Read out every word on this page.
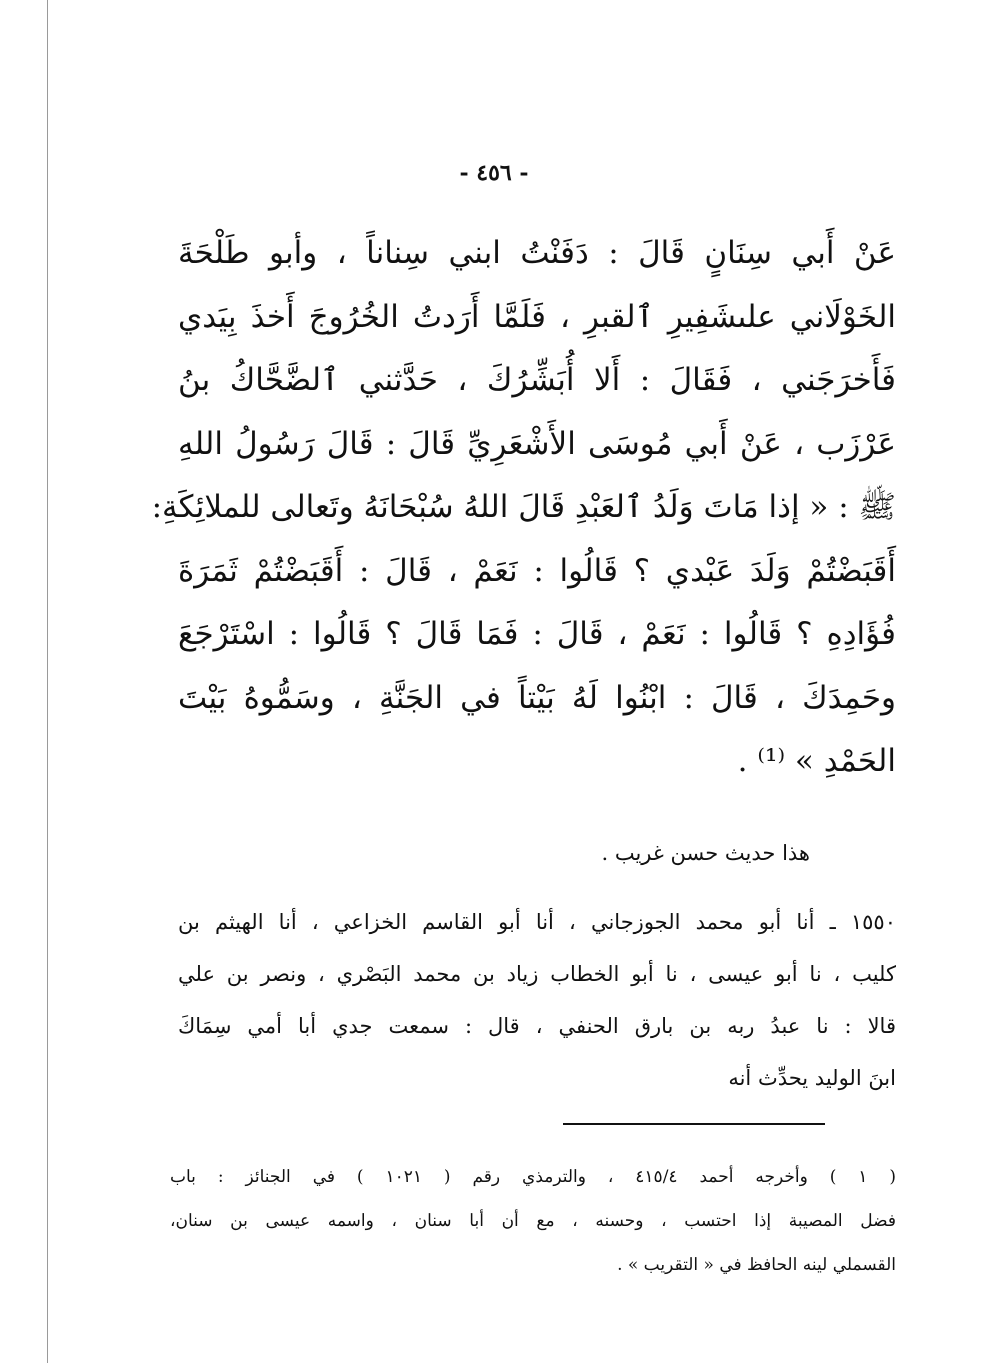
- ٤٥٦ -
عَنْ أَبي سِنَانٍ قَالَ : دَفَنْتُ ابني سِناناً ، وأبو طَلْحَةَ
الخَوْلَاني علىشَفِيرِ ٱلقبرِ ، فَلَمَّا أَرَدتُ الخُرُوجَ أَخذَ بِيَدي
فَأَخرَجَني ، فَقَالَ : أَلا أُبَشِّرُكَ ، حَدَّثني ٱلضَّحَّاكُ بنُ
عَرْزَب ، عَنْ أَبي مُوسَى الأَشْعَرِيِّ قَالَ : قَالَ رَسُولُ اللهِ
ﷺ : « إذا مَاتَ وَلَدُ ٱلعَبْدِ قَالَ اللهُ سُبْحَانَهُ وتَعالى للملائِكَةِ:
أَقَبَضْتُمْ وَلَدَ عَبْدي ؟ قَالُوا : نَعَمْ ، قَالَ : أَقَبَضْتُمْ ثَمَرَةَ
فُؤَادِهِ ؟ قَالُوا : نَعَمْ ، قَالَ : فَمَا قَالَ ؟ قَالُوا : اسْتَرْجَعَ
وحَمِدَكَ ، قَالَ : ابْنُوا لَهُ بَيْتاً في الجَنَّةِ ، وسَمُّوهُ بَيْتَ
الحَمْدِ » ⁽¹⁾ .
هذا حديث حسن غريب .
١٥٥٠ ـ أنا أبو محمد الجوزجاني ، أنا أبو القاسم الخزاعي ، أنا الهيثم بن
كليب ، نا أبو عيسى ، نا أبو الخطاب زياد بن محمد البَصْري ، ونصر بن علي
قالا : نا عبدُ ربه بن بارق الحنفي ، قال : سمعت جدي أبا أمي سِمَاكَ
ابنَ الوليد يحدِّث أنه
( ١ ) وأخرجه أحمد ٤١٥/٤ ، والترمذي رقم ( ١٠٢١ ) في الجنائز : باب
فضل المصيبة إذا احتسب ، وحسنه ، مع أن أبا سنان ، واسمه عيسى بن سنان،
القسملي لينه الحافظ في « التقريب » .
